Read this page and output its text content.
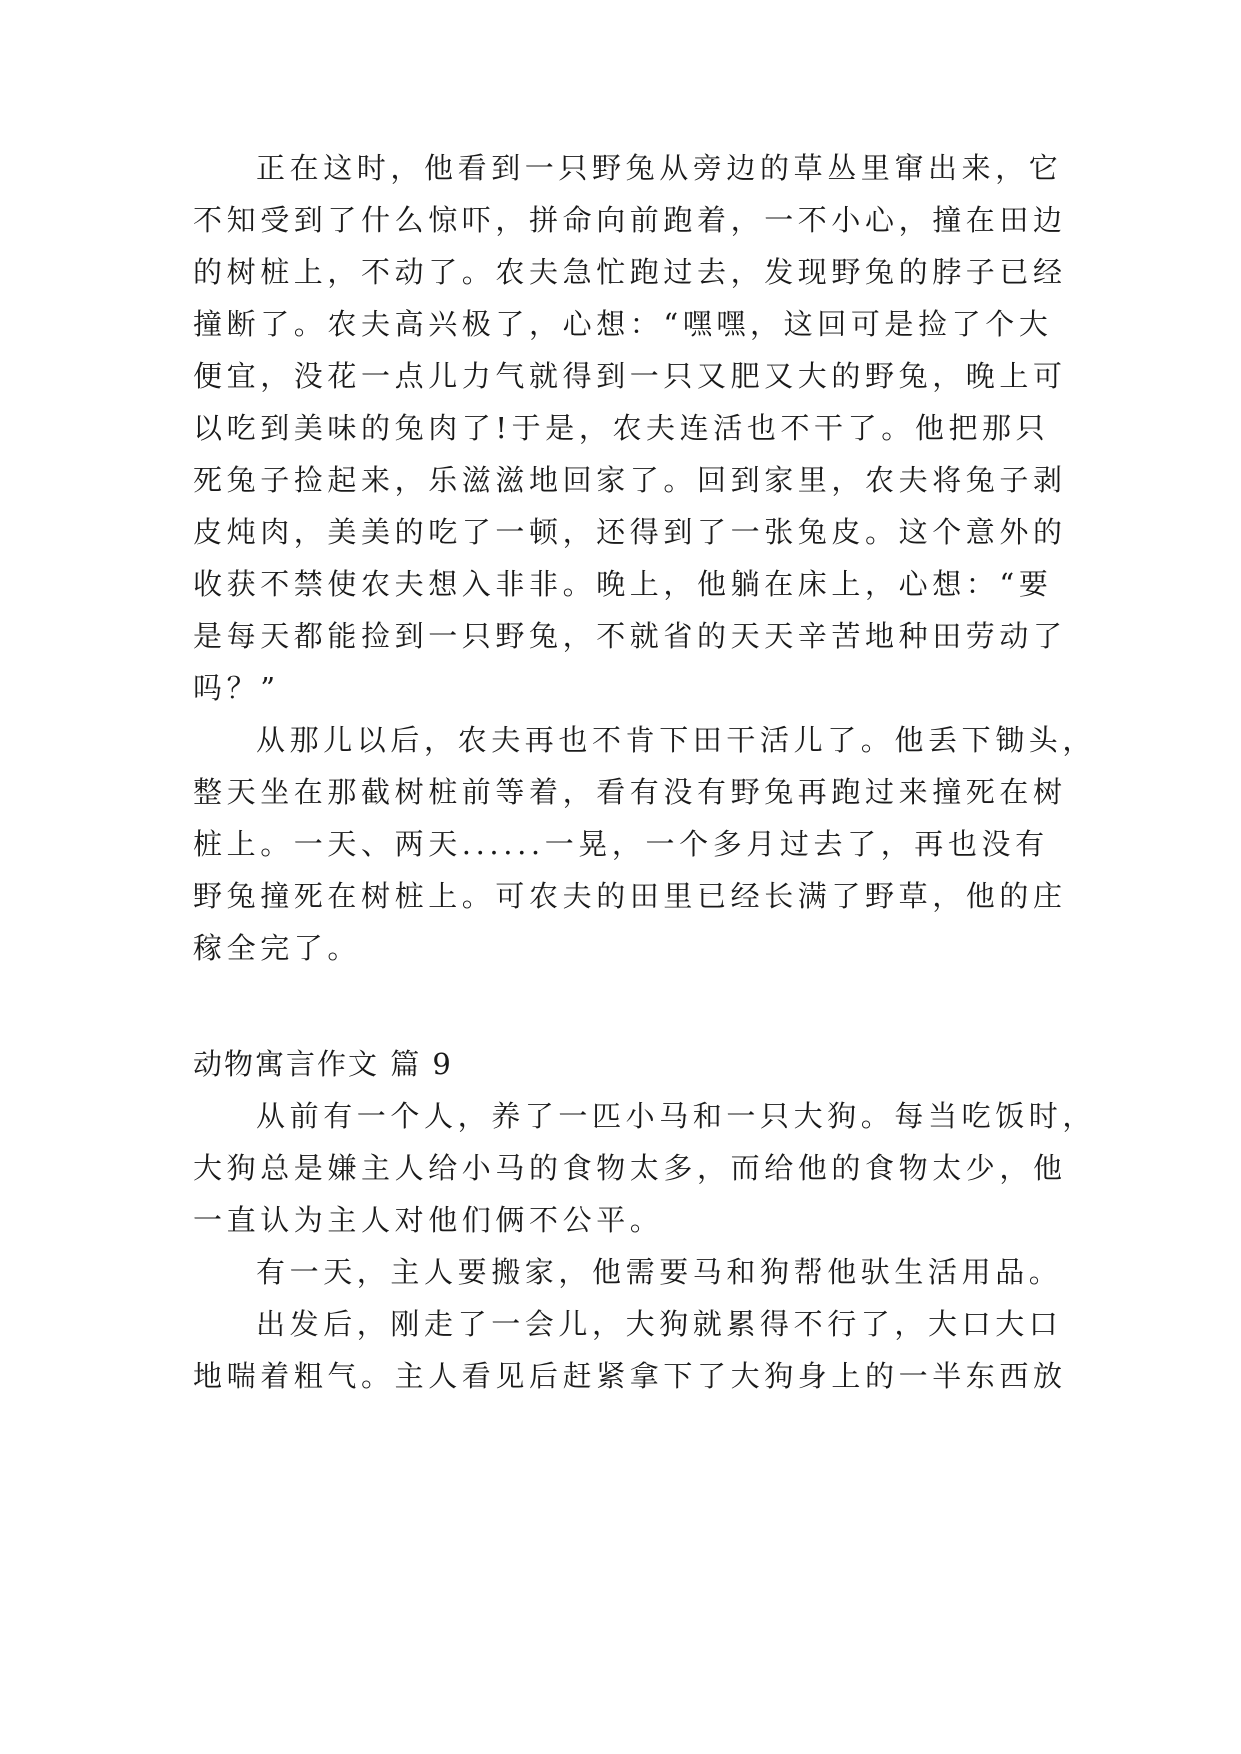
正在这时，他看到一只野兔从旁边的草丛里窜出来，它
不知受到了什么惊吓，拼命向前跑着，一不小心，撞在田边
的树桩上，不动了。农夫急忙跑过去，发现野兔的脖子已经
撞断了。农夫高兴极了，心想：“嘿嘿，这回可是捡了个大
便宜，没花一点儿力气就得到一只又肥又大的野兔，晚上可
以吃到美味的兔肉了!于是，农夫连活也不干了。他把那只
死兔子捡起来，乐滋滋地回家了。回到家里，农夫将兔子剥
皮炖肉，美美的吃了一顿，还得到了一张兔皮。这个意外的
收获不禁使农夫想入非非。晚上，他躺在床上，心想：“要
是每天都能捡到一只野兔，不就省的天天辛苦地种田劳动了
吗？”
从那儿以后，农夫再也不肯下田干活儿了。他丢下锄头，
整天坐在那截树桩前等着，看有没有野兔再跑过来撞死在树
桩上。一天、两天......一晃，一个多月过去了，再也没有
野兔撞死在树桩上。可农夫的田里已经长满了野草，他的庄
稼全完了。
动物寓言作文 篇 9
从前有一个人，养了一匹小马和一只大狗。每当吃饭时，
大狗总是嫌主人给小马的食物太多，而给他的食物太少，他
一直认为主人对他们俩不公平。
有一天，主人要搬家，他需要马和狗帮他驮生活用品。
出发后，刚走了一会儿，大狗就累得不行了，大口大口
地喘着粗气。主人看见后赶紧拿下了大狗身上的一半东西放
